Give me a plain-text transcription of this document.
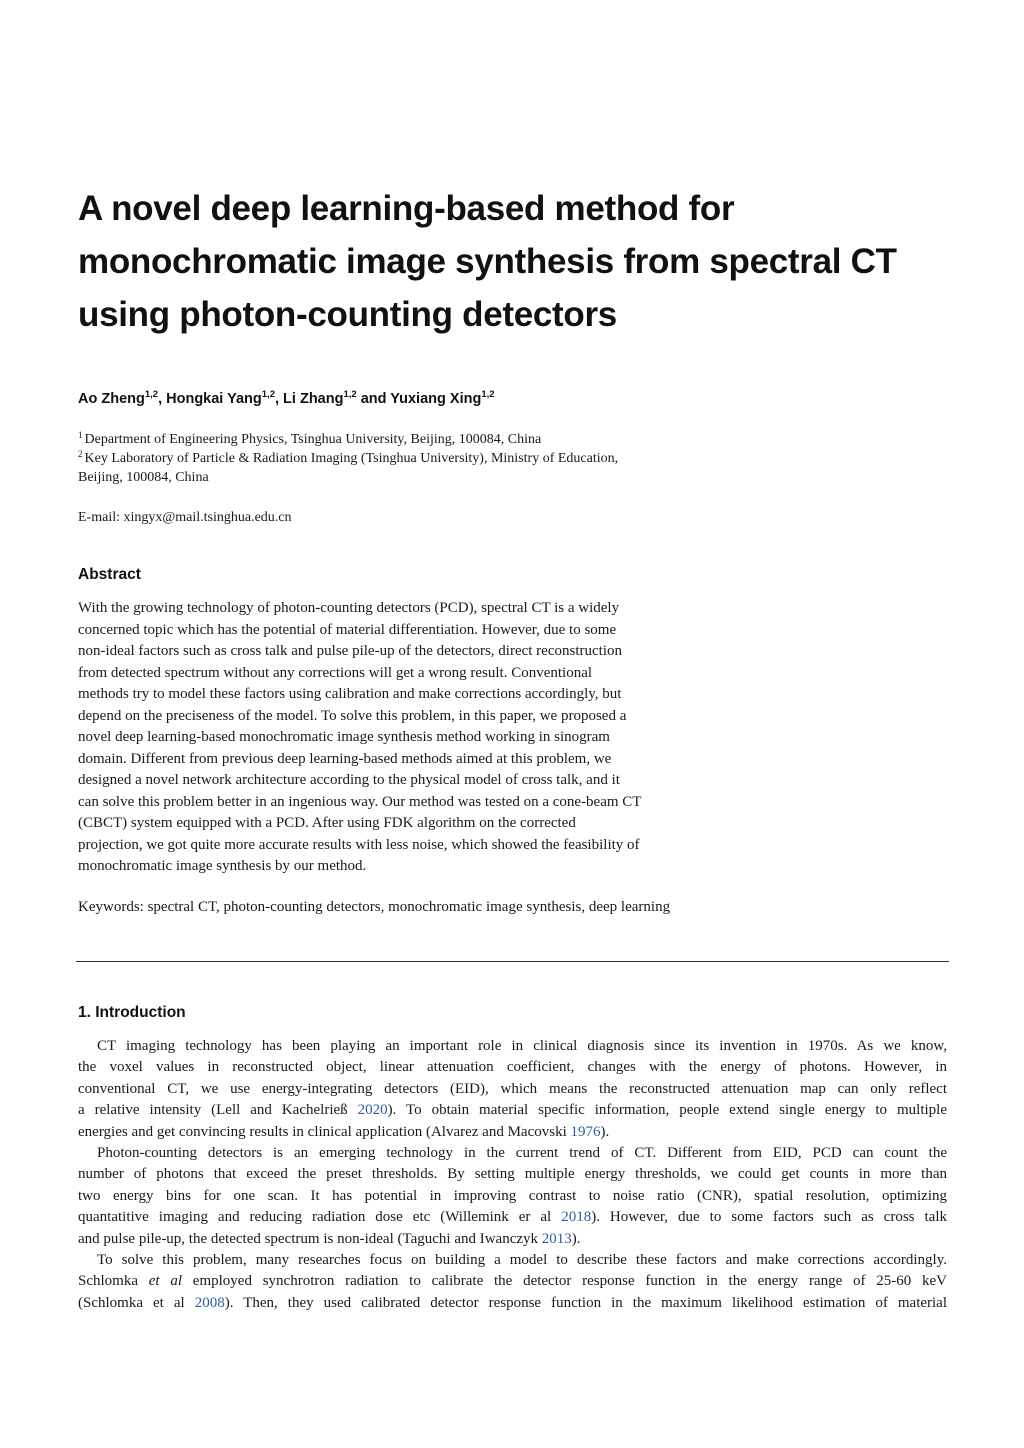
A novel deep learning-based method for
monochromatic image synthesis from spectral CT
using photon-counting detectors
Ao Zheng$^{1,2}$, Hongkai Yang$^{1,2}$, Li Zhang$^{1,2}$ and Yuxiang Xing$^{1,2}$
$^1$ Department of Engineering Physics, Tsinghua University, Beijing, 100084, China
$^2$ Key Laboratory of Particle & Radiation Imaging (Tsinghua University), Ministry of Education,
Beijing, 100084, China
E-mail: xingyx@mail.tsinghua.edu.cn
Abstract
With the growing technology of photon-counting detectors (PCD), spectral CT is a widely
concerned topic which has the potential of material differentiation. However, due to some
non-ideal factors such as cross talk and pulse pile-up of the detectors, direct reconstruction
from detected spectrum without any corrections will get a wrong result. Conventional
methods try to model these factors using calibration and make corrections accordingly, but
depend on the preciseness of the model. To solve this problem, in this paper, we proposed a
novel deep learning-based monochromatic image synthesis method working in sinogram
domain. Different from previous deep learning-based methods aimed at this problem, we
designed a novel network architecture according to the physical model of cross talk, and it
can solve this problem better in an ingenious way. Our method was tested on a cone-beam CT
(CBCT) system equipped with a PCD. After using FDK algorithm on the corrected
projection, we got quite more accurate results with less noise, which showed the feasibility of
monochromatic image synthesis by our method.
Keywords: spectral CT, photon-counting detectors, monochromatic image synthesis, deep learning
1. Introduction
CT imaging technology has been playing an important role in clinical diagnosis since its invention in 1970s. As we know,
the voxel values in reconstructed object, linear attenuation coefficient, changes with the energy of photons. However, in
conventional CT, we use energy-integrating detectors (EID), which means the reconstructed attenuation map can only reflect
a relative intensity (Lell and Kachelrieß 2020). To obtain material specific information, people extend single energy to multiple
energies and get convincing results in clinical application (Alvarez and Macovski 1976).
Photon-counting detectors is an emerging technology in the current trend of CT. Different from EID, PCD can count the
number of photons that exceed the preset thresholds. By setting multiple energy thresholds, we could get counts in more than
two energy bins for one scan. It has potential in improving contrast to noise ratio (CNR), spatial resolution, optimizing
quantatitive imaging and reducing radiation dose etc (Willemink er al 2018). However, due to some factors such as cross talk
and pulse pile-up, the detected spectrum is non-ideal (Taguchi and Iwanczyk 2013).
To solve this problem, many researches focus on building a model to describe these factors and make corrections accordingly.
Schlomka et al employed synchrotron radiation to calibrate the detector response function in the energy range of 25-60 keV
(Schlomka et al 2008). Then, they used calibrated detector response function in the maximum likelihood estimation of material
